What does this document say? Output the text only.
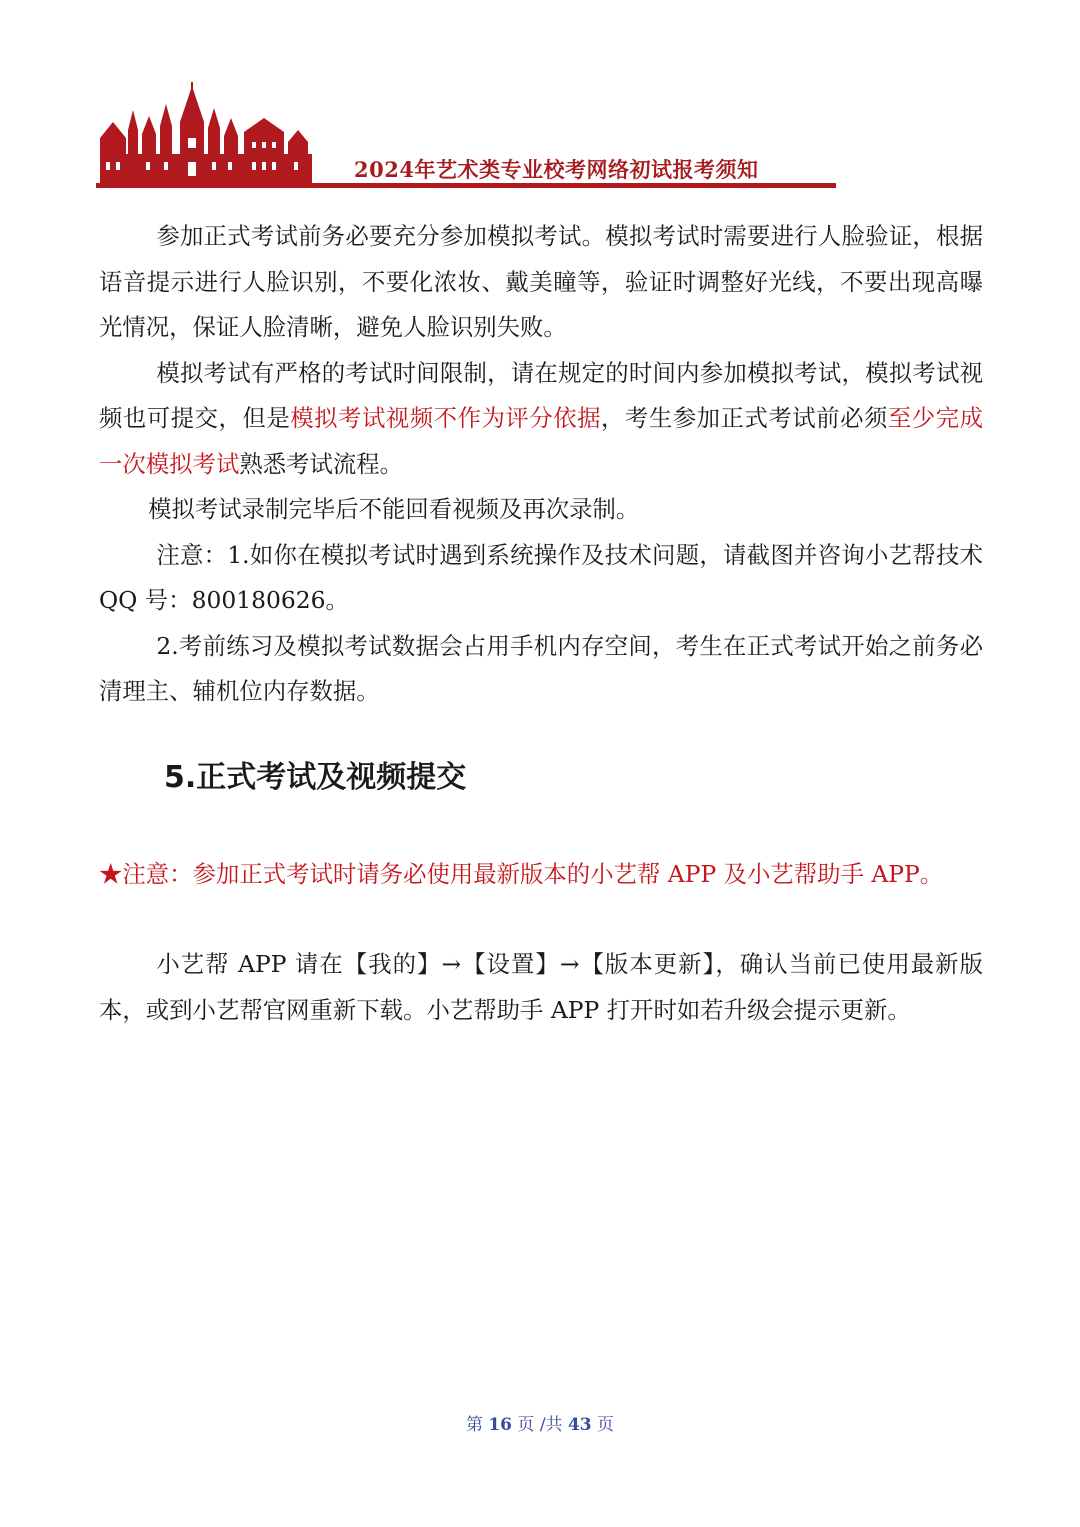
2024年艺术类专业校考网络初试报考须知

参加正式考试前务必要充分参加模拟考试。模拟考试时需要进行人脸验证，根据语音提示进行人脸识别，不要化浓妆、戴美瞳等，验证时调整好光线，不要出现高曝光情况，保证人脸清晰，避免人脸识别失败。

模拟考试有严格的考试时间限制，请在规定的时间内参加模拟考试，模拟考试视频也可提交，但是模拟考试视频不作为评分依据，考生参加正式考试前必须至少完成一次模拟考试熟悉考试流程。

模拟考试录制完毕后不能回看视频及再次录制。

注意：1.如你在模拟考试时遇到系统操作及技术问题，请截图并咨询小艺帮技术 QQ 号：800180626。

2.考前练习及模拟考试数据会占用手机内存空间，考生在正式考试开始之前务必清理主、辅机位内存数据。

5.正式考试及视频提交

★注意：参加正式考试时请务必使用最新版本的小艺帮 APP 及小艺帮助手 APP。

小艺帮 APP 请在【我的】→【设置】→【版本更新】，确认当前已使用最新版本，或到小艺帮官网重新下载。小艺帮助手 APP 打开时如若升级会提示更新。

第 16 页 /共 43 页
